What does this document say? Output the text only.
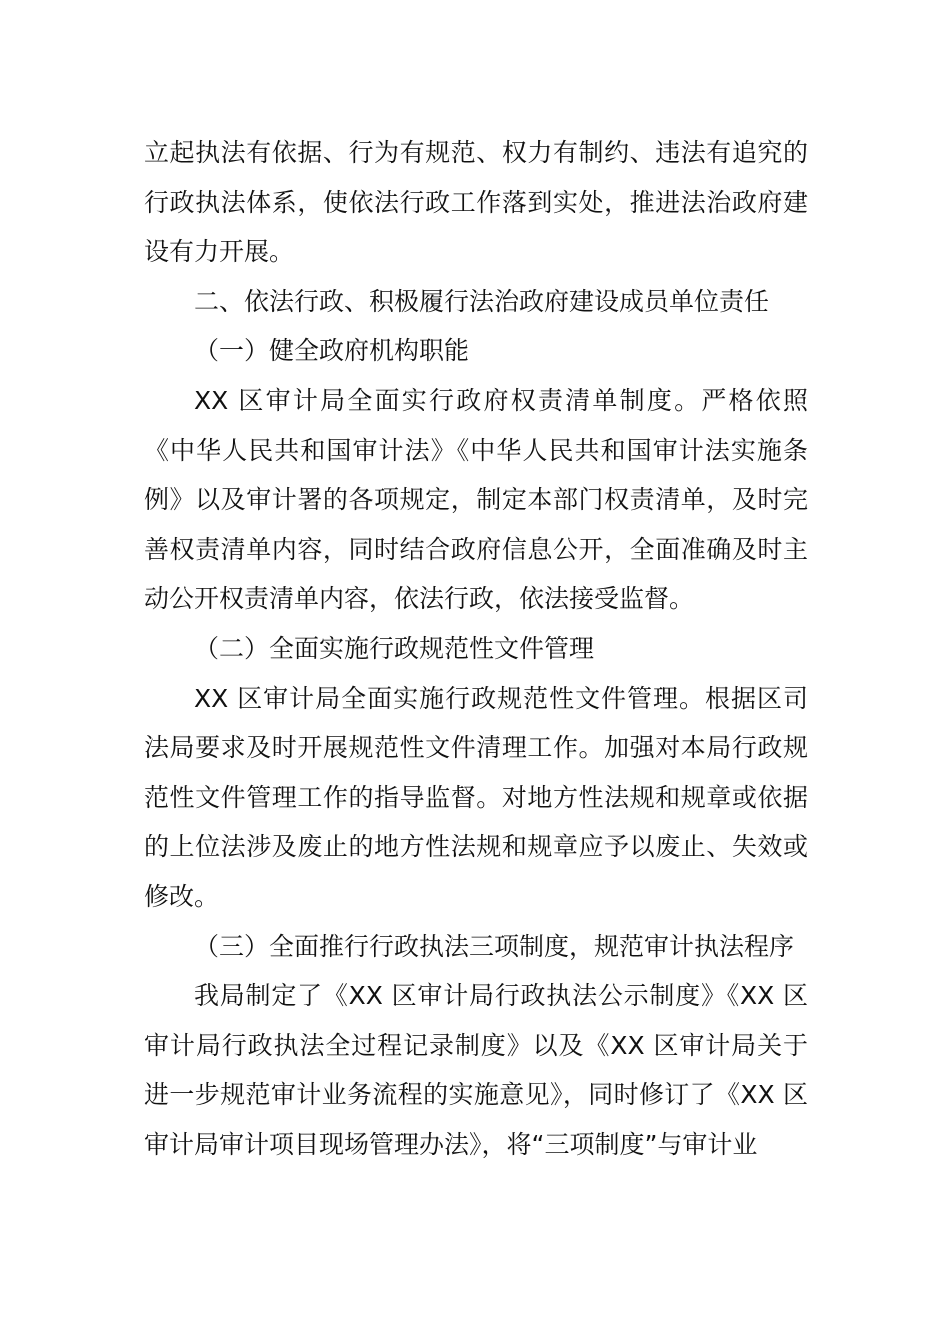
立起执法有依据、行为有规范、权力有制约、违法有追究的行政执法体系，使依法行政工作落到实处，推进法治政府建设有力开展。

二、依法行政、积极履行法治政府建设成员单位责任

（一）健全政府机构职能

XX 区审计局全面实行政府权责清单制度。严格依照《中华人民共和国审计法》《中华人民共和国审计法实施条例》以及审计署的各项规定，制定本部门权责清单，及时完善权责清单内容，同时结合政府信息公开，全面准确及时主动公开权责清单内容，依法行政，依法接受监督。

（二）全面实施行政规范性文件管理

XX 区审计局全面实施行政规范性文件管理。根据区司法局要求及时开展规范性文件清理工作。加强对本局行政规范性文件管理工作的指导监督。对地方性法规和规章或依据的上位法涉及废止的地方性法规和规章应予以废止、失效或修改。

（三）全面推行行政执法三项制度，规范审计执法程序

我局制定了《XX 区审计局行政执法公示制度》《XX 区审计局行政执法全过程记录制度》以及《XX 区审计局关于进一步规范审计业务流程的实施意见》，同时修订了《XX 区审计局审计项目现场管理办法》，将“三项制度”与审计业
